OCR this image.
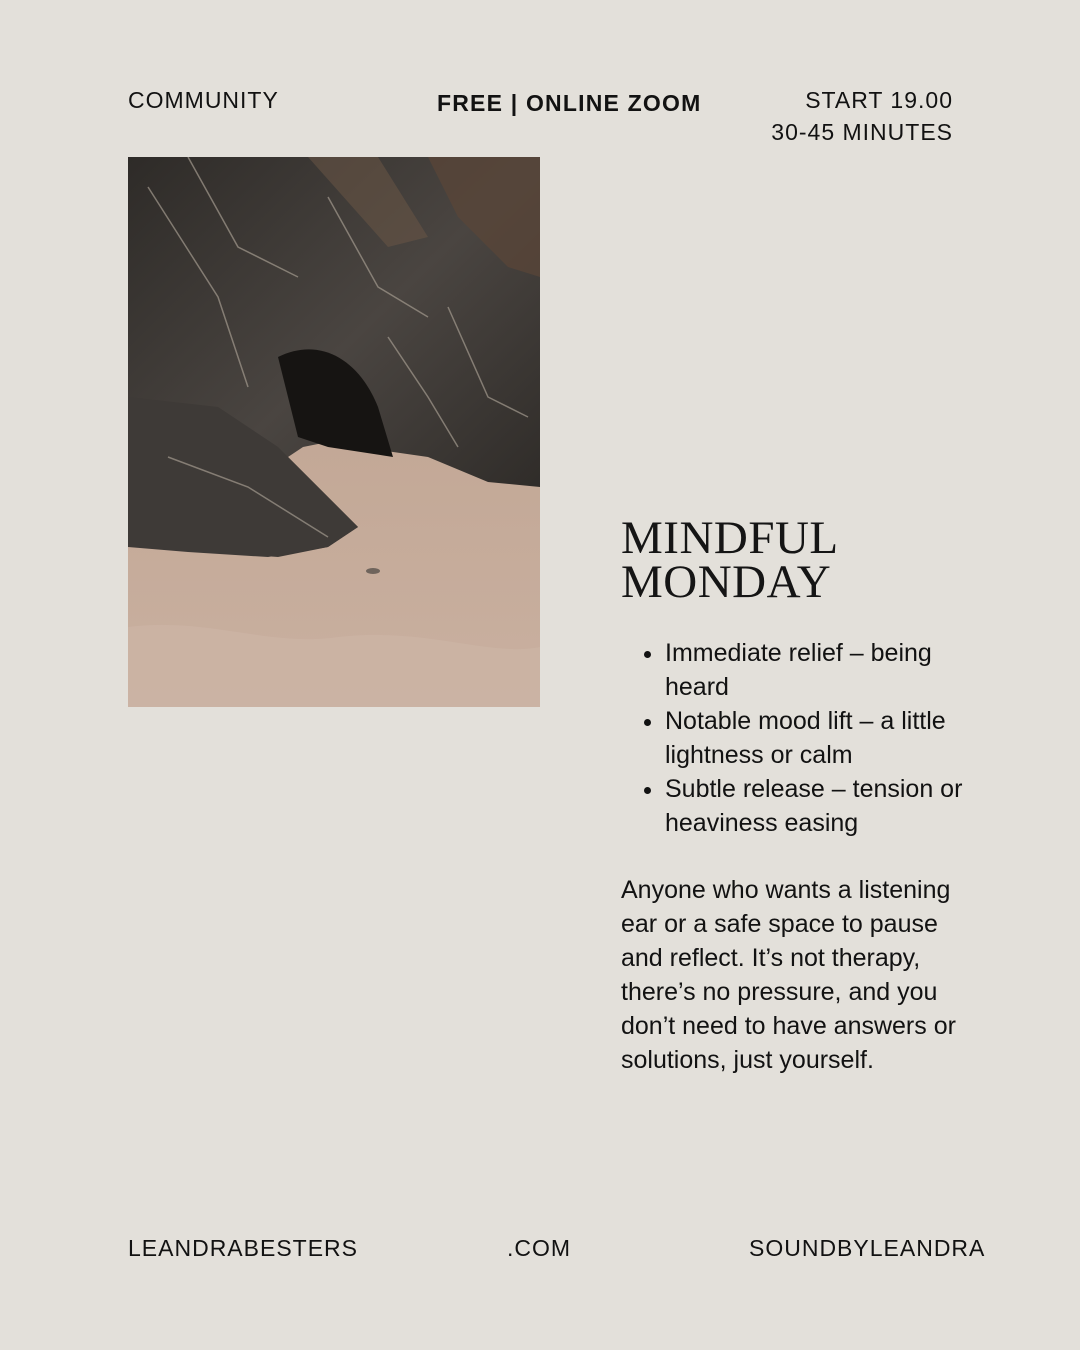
COMMUNITY	FREE | ONLINE ZOOM	START 19.00
30-45 MINUTES
MINDFUL
MONDAY
• Immediate relief – being heard
• Notable mood lift – a little lightness or calm
• Subtle release – tension or heaviness easing

Anyone who wants a listening ear or a safe space to pause and reflect. It’s not therapy, there’s no pressure, and you don’t need to have answers or solutions, just yourself.

LEANDRABESTERS	.COM	SOUNDBYLEANDRA
